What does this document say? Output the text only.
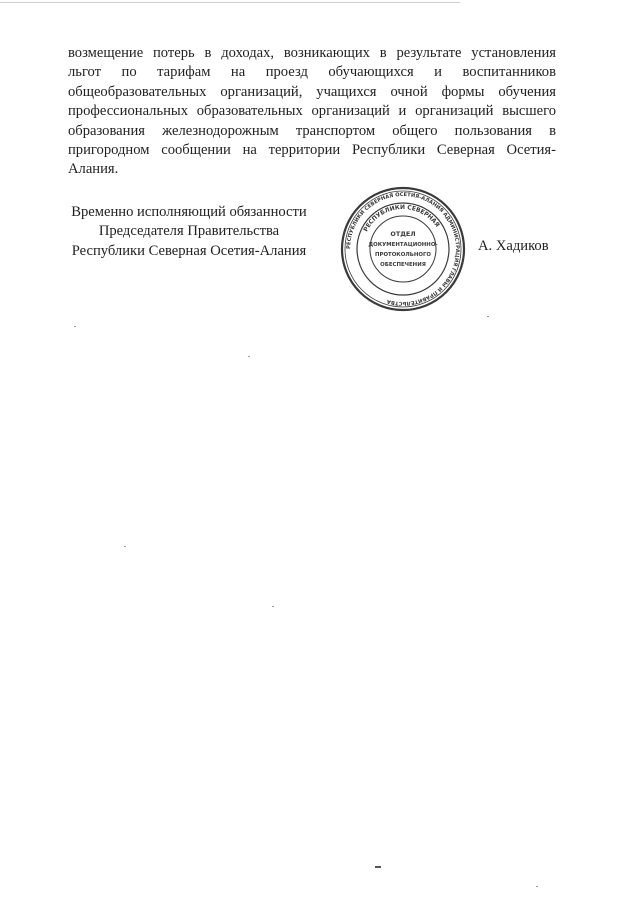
возмещение потерь в доходах, возникающих в результате установления
льгот по тарифам на проезд обучающихся и воспитанников
общеобразовательных организаций, учащихся очной формы обучения
профессиональных образовательных организаций и организаций высшего
образования железнодорожным транспортом общего пользования в
пригородном сообщении на территории Республики Северная Осетия-
Алания.
Временно исполняющий обязанности
Председателя Правительства
Республики Северная Осетия-Алания	РЕСПУБЛИКИ СЕВЕРНАЯ ОСЕТИЯ-АЛАНИЯ АДМИНИСТРАЦИЯ ГЛАВЫ И ПРАВИТЕЛЬСТВА
РЕСПУБЛИКИ СЕВЕРНАЯ
ОТДЕЛ
ДОКУМЕНТАЦИОННО-
ПРОТОКОЛЬНОГО
ОБЕСПЕЧЕНИЯ
А. Хадиков
